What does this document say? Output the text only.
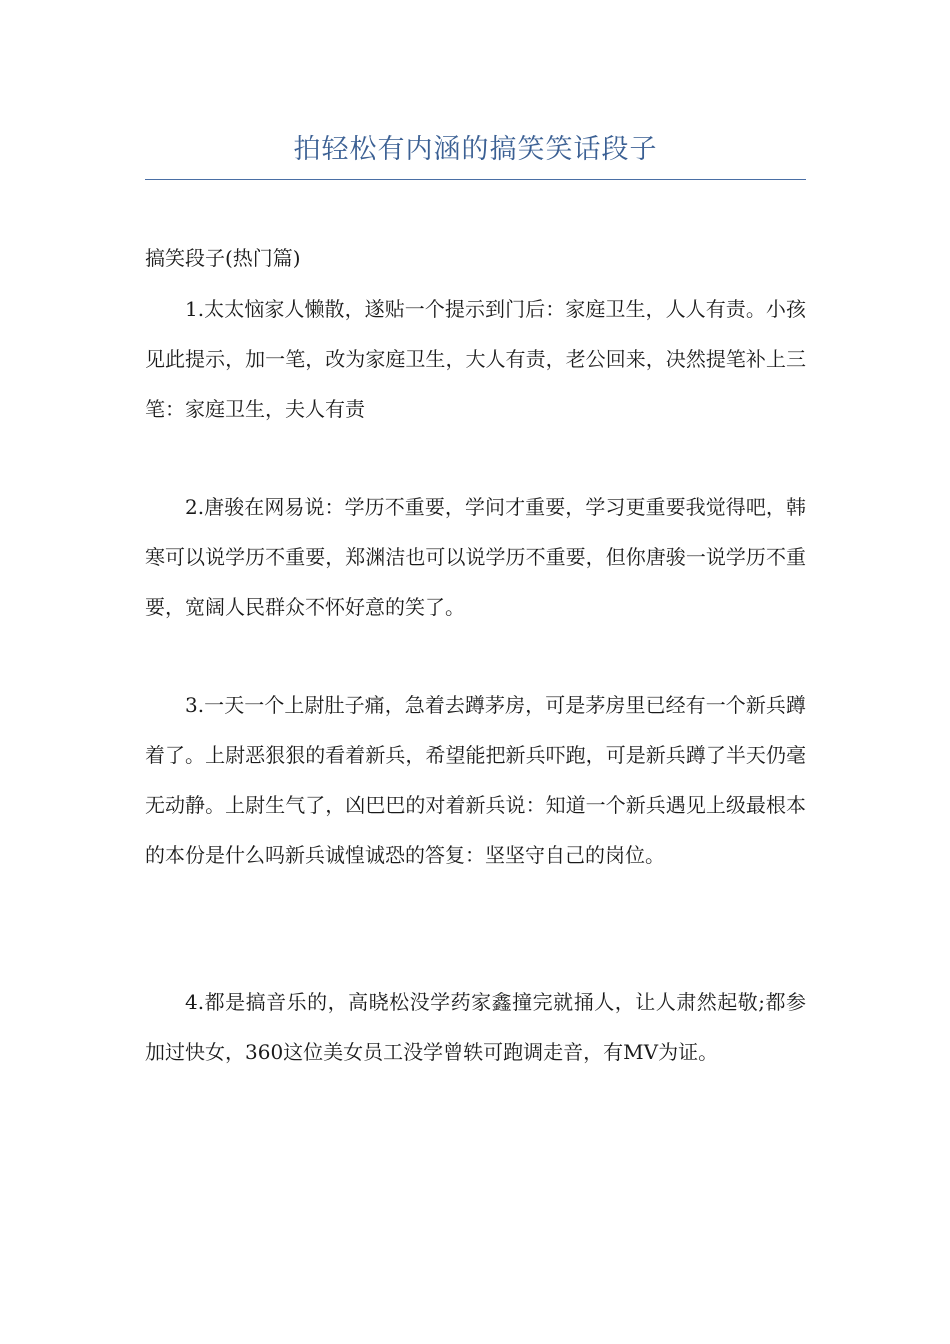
拍轻松有内涵的搞笑笑话段子

搞笑段子(热门篇)

1.太太恼家人懒散，遂贴一个提示到门后：家庭卫生，人人有责。小孩见此提示，加一笔，改为家庭卫生，大人有责，老公回来，决然提笔补上三笔：家庭卫生，夫人有责

2.唐骏在网易说：学历不重要，学问才重要，学习更重要我觉得吧，韩寒可以说学历不重要，郑渊洁也可以说学历不重要，但你唐骏一说学历不重要，宽阔人民群众不怀好意的笑了。

3.一天一个上尉肚子痛，急着去蹲茅房，可是茅房里已经有一个新兵蹲着了。上尉恶狠狠的看着新兵，希望能把新兵吓跑，可是新兵蹲了半天仍毫无动静。上尉生气了，凶巴巴的对着新兵说：知道一个新兵遇见上级最根本的本份是什么吗新兵诚惶诚恐的答复：坚坚守自己的岗位。

4.都是搞音乐的，高晓松没学药家鑫撞完就捅人，让人肃然起敬;都参加过快女，360这位美女员工没学曾轶可跑调走音，有MV为证。
